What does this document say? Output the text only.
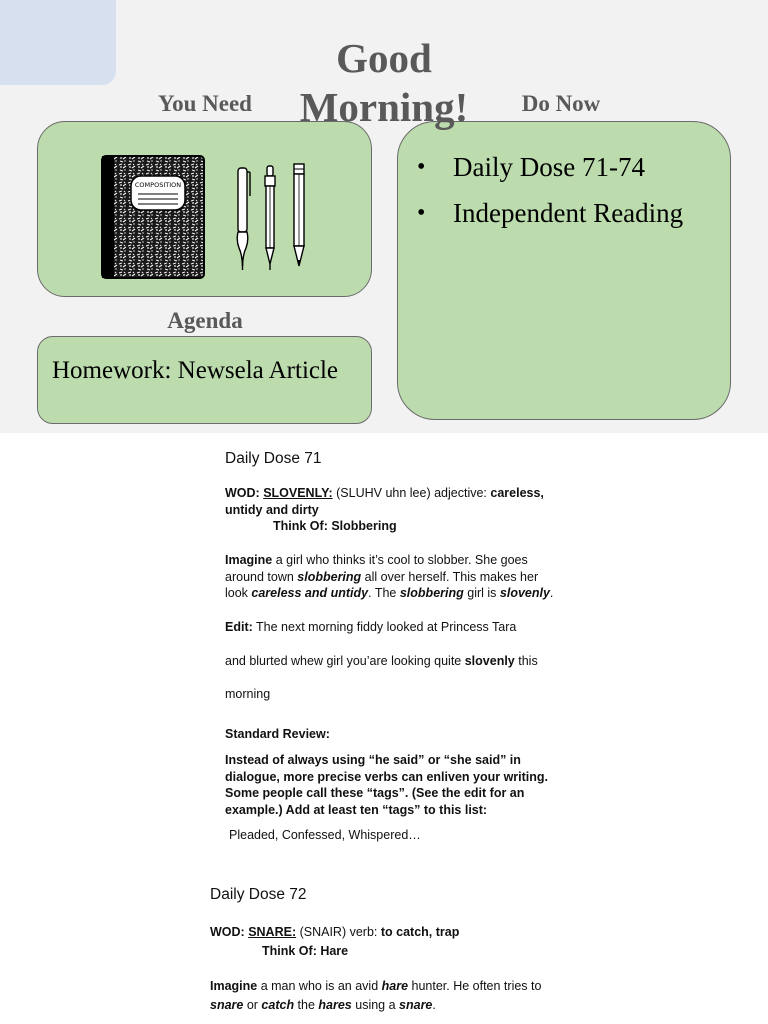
Good Morning!
You Need	Do Now
Agenda
COMPOSITION
• Daily Dose 71-74
• Independent Reading
Homework: Newsela Article
Daily Dose 71
WOD: SLOVENLY: (SLUHV uhn lee) adjective: careless,
untidy and dirty
Think Of: Slobbering
Imagine a girl who thinks it’s cool to slobber. She goes
around town slobbering all over herself. This makes her
look careless and untidy. The slobbering girl is slovenly.
Edit: The next morning fiddy looked at Princess Tara
and blurted whew girl you’are looking quite slovenly this
morning
Standard Review:
Instead of always using “he said” or “she said” in
dialogue, more precise verbs can enliven your writing.
Some people call these “tags”. (See the edit for an
example.) Add at least ten “tags” to this list:
Pleaded, Confessed, Whispered…
Daily Dose 72
WOD: SNARE: (SNAIR) verb: to catch, trap
Think Of: Hare
Imagine a man who is an avid hare hunter. He often tries to
snare or catch the hares using a snare.
